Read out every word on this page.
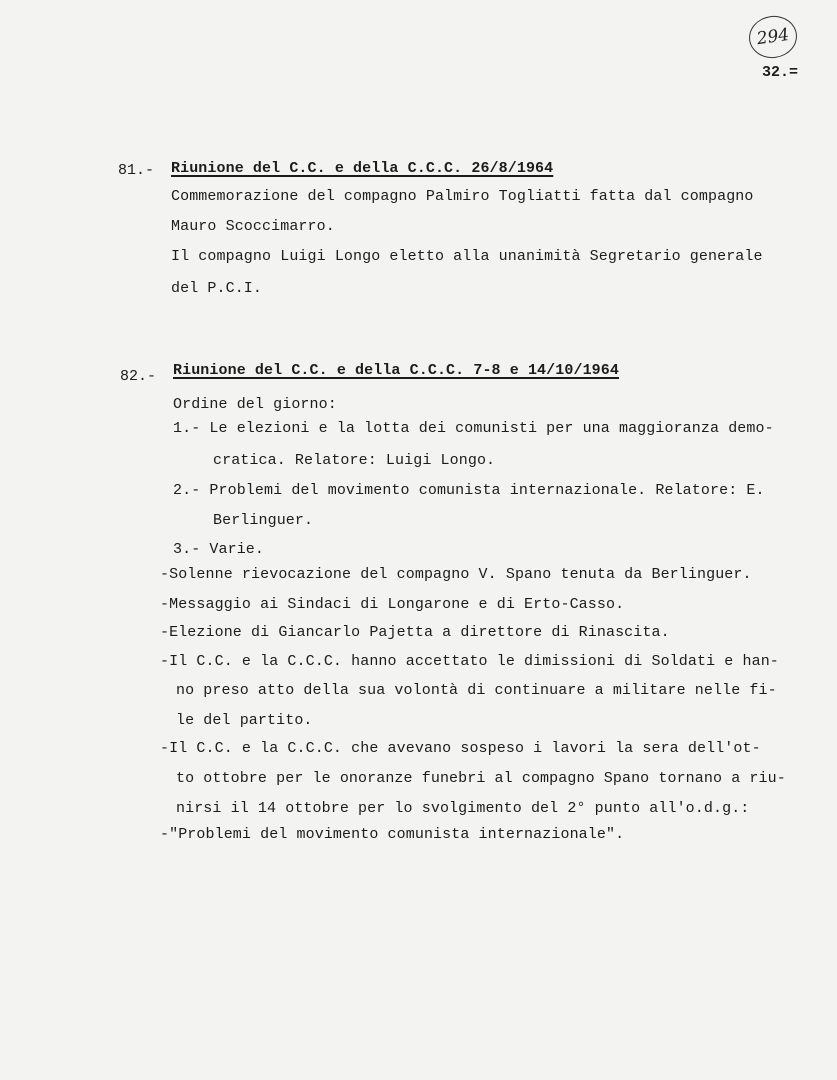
294
32.=
81.- Riunione del C.C. e della C.C.C. 26/8/1964
Commemorazione del compagno Palmiro Togliatti fatta dal compagno
Mauro Scoccimarro.
Il compagno Luigi Longo eletto alla unanimità Segretario generale
del P.C.I.
82.- Riunione del C.C. e della C.C.C. 7-8 e 14/10/1964
Ordine del giorno:
1.- Le elezioni e la lotta dei comunisti per una maggioranza demo-
cratica. Relatore: Luigi Longo.
2.- Problemi del movimento comunista internazionale. Relatore: E.
Berlinguer.
3.- Varie.
-Solenne rievocazione del compagno V. Spano tenuta da Berlinguer.
-Messaggio ai Sindaci di Longarone e di Erto-Casso.
-Elezione di Giancarlo Pajetta a direttore di Rinascita.
-Il C.C. e la C.C.C. hanno accettato le dimissioni di Soldati e han-
no preso atto della sua volontà di continuare a militare nelle fi-
le del partito.
-Il C.C. e la C.C.C. che avevano sospeso i lavori la sera dell'ot-
to ottobre per le onoranze funebri al compagno Spano tornano a riu-
nirsi il 14 ottobre per lo svolgimento del 2° punto all'o.d.g.:
-"Problemi del movimento comunista internazionale".
